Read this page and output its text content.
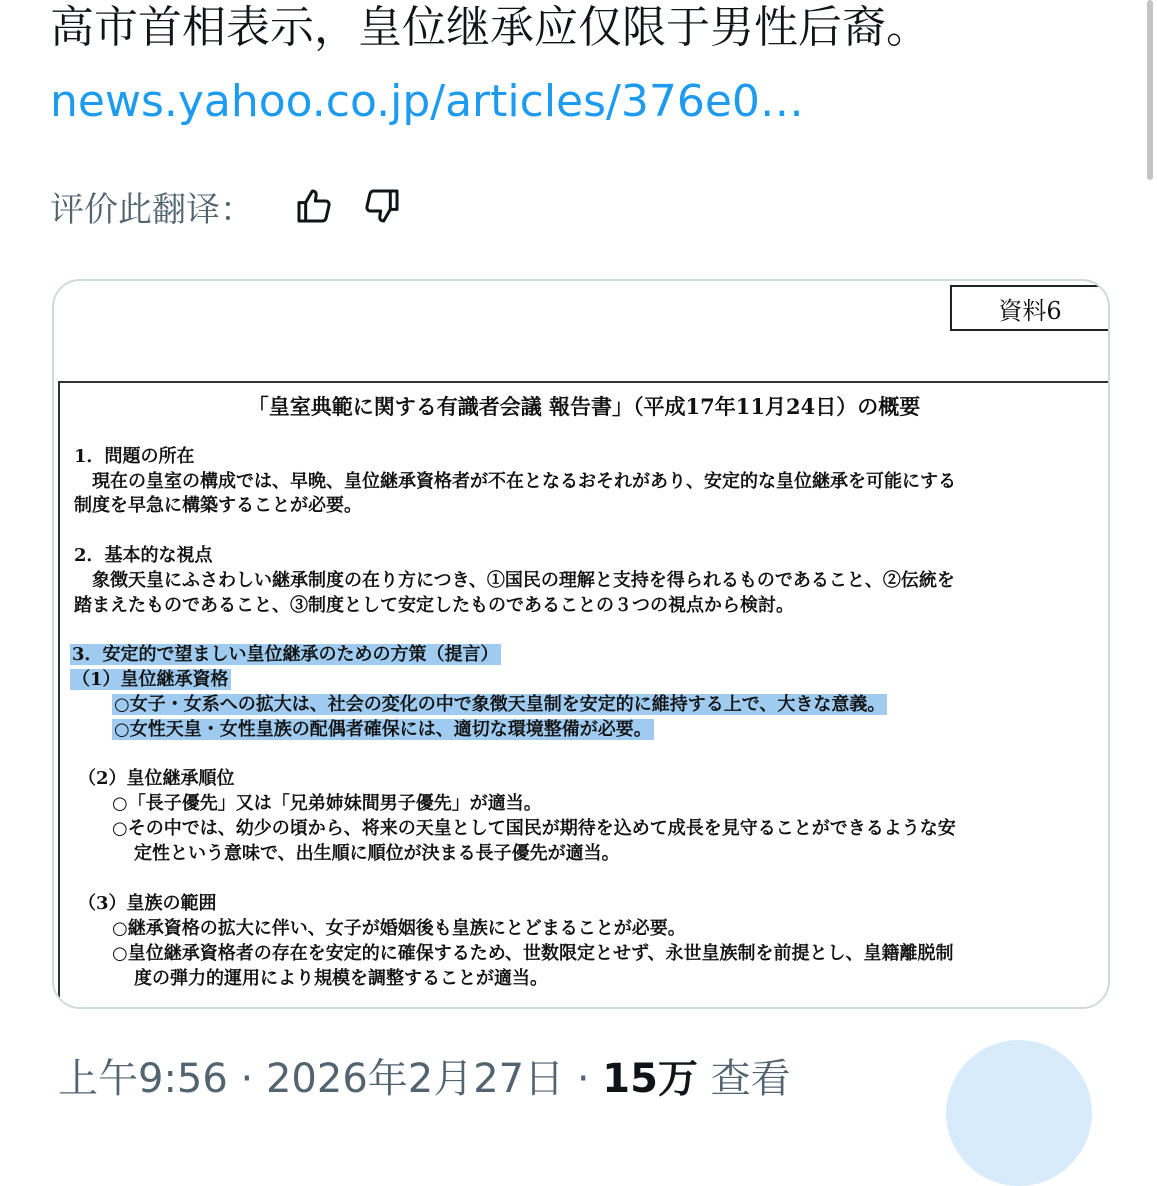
高市首相表示，皇位继承应仅限于男性后裔。
news.yahoo.co.jp/articles/376e0…
评价此翻译：
資料6
「皇室典範に関する有識者会議 報告書」（平成17年11月24日）の概要
1．問題の所在
　現在の皇室の構成では、早晩、皇位継承資格者が不在となるおそれがあり、安定的な皇位継承を可能にする
制度を早急に構築することが必要。
2．基本的な視点
　象徴天皇にふさわしい継承制度の在り方につき、①国民の理解と支持を得られるものであること、②伝統を
踏まえたものであること、③制度として安定したものであることの３つの視点から検討。
3．安定的で望ましい皇位継承のための方策（提言）
（1）皇位継承資格
○女子・女系への拡大は、社会の変化の中で象徴天皇制を安定的に維持する上で、大きな意義。
○女性天皇・女性皇族の配偶者確保には、適切な環境整備が必要。
（2）皇位継承順位
○「長子優先」又は「兄弟姉妹間男子優先」が適当。
○その中では、幼少の頃から、将来の天皇として国民が期待を込めて成長を見守ることができるような安
定性という意味で、出生順に順位が決まる長子優先が適当。
（3）皇族の範囲
○継承資格の拡大に伴い、女子が婚姻後も皇族にとどまることが必要。
○皇位継承資格者の存在を安定的に確保するため、世数限定とせず、永世皇族制を前提とし、皇籍離脱制
度の弾力的運用により規模を調整することが適当。
上午9:56 · 2026年2月27日 · 15万 查看
